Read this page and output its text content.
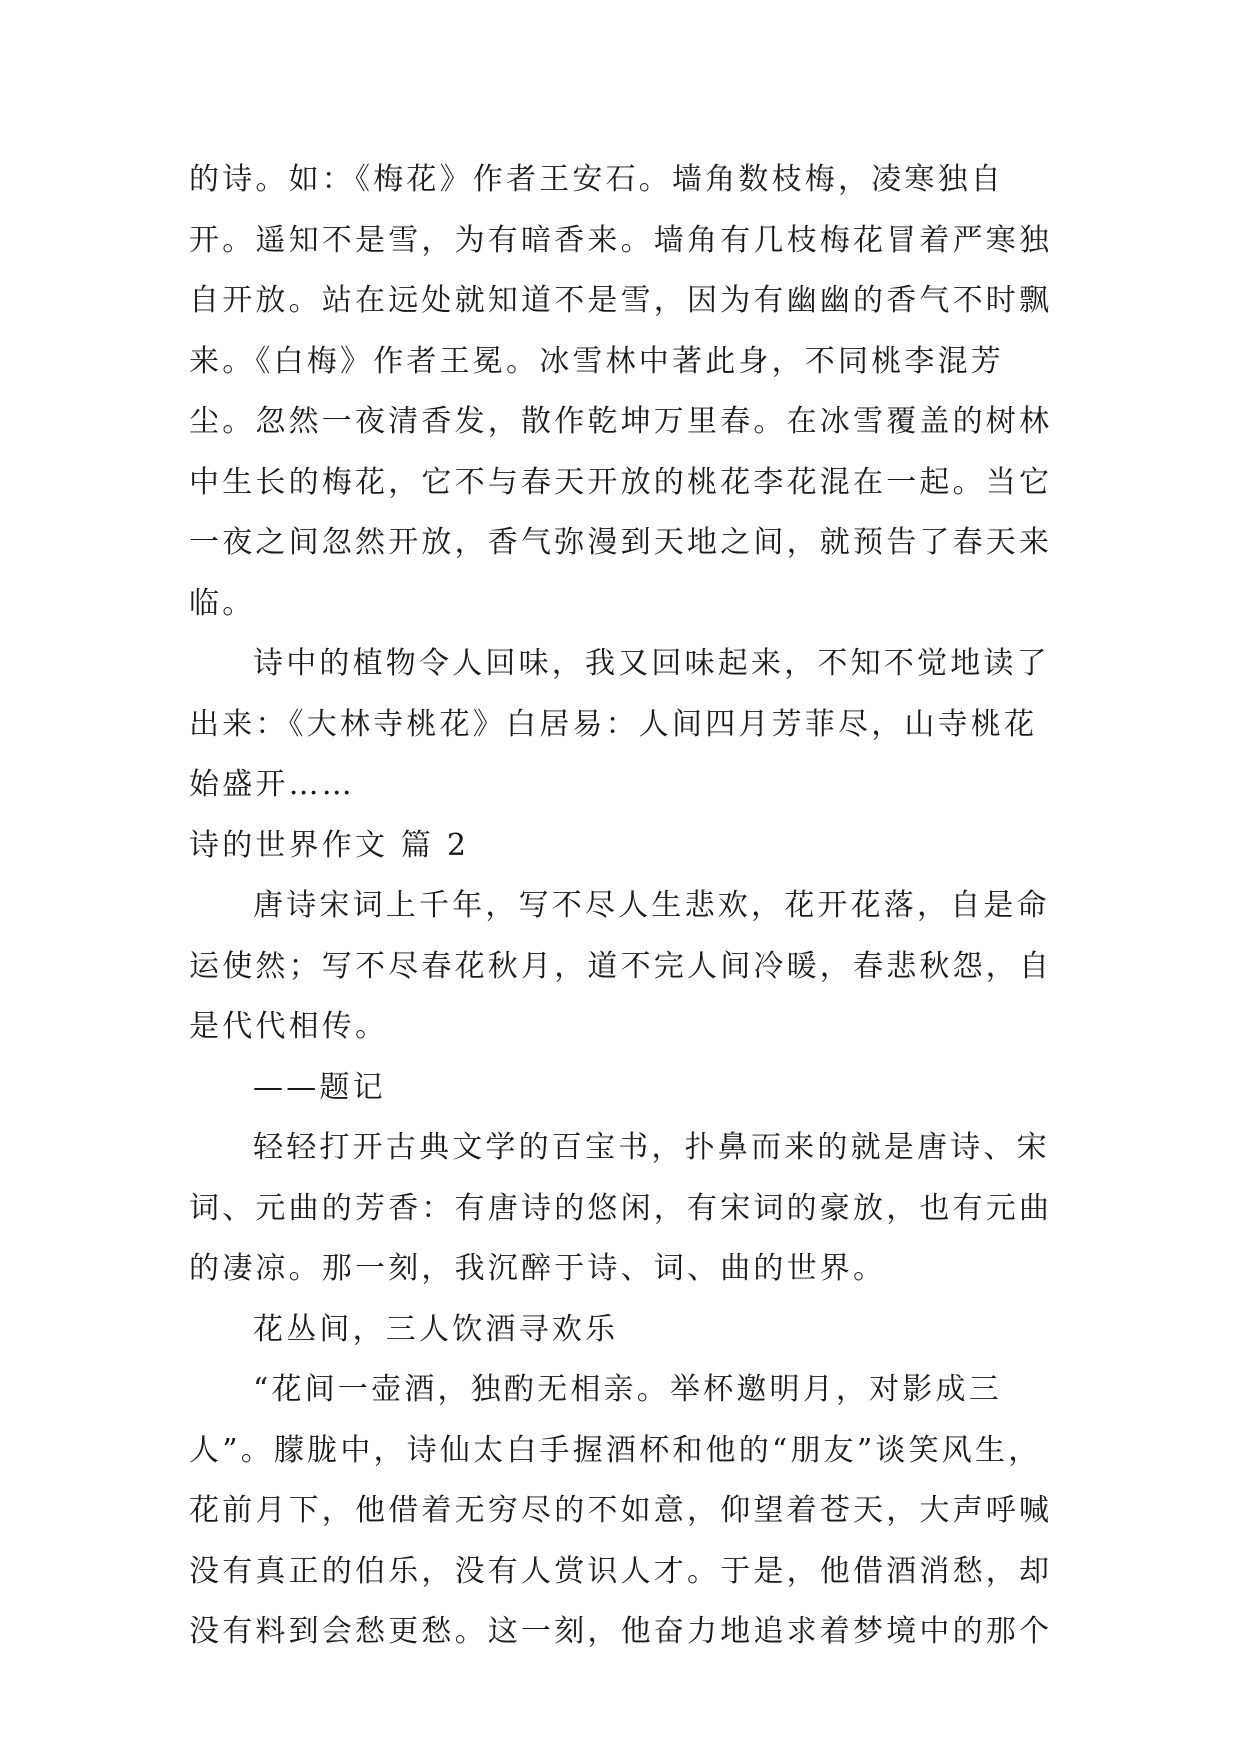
的诗。如：《梅花》作者王安石。墙角数枝梅，凌寒独自开。遥知不是雪，为有暗香来。墙角有几枝梅花冒着严寒独自开放。站在远处就知道不是雪，因为有幽幽的香气不时飘来。《白梅》作者王冕。冰雪林中著此身，不同桃李混芳尘。忽然一夜清香发，散作乾坤万里春。在冰雪覆盖的树林中生长的梅花，它不与春天开放的桃花李花混在一起。当它一夜之间忽然开放，香气弥漫到天地之间，就预告了春天来临。

诗中的植物令人回味，我又回味起来，不知不觉地读了出来：《大林寺桃花》白居易：人间四月芳菲尽，山寺桃花始盛开……

诗的世界作文 篇 2

唐诗宋词上千年，写不尽人生悲欢，花开花落，自是命运使然；写不尽春花秋月，道不完人间冷暖，春悲秋怨，自是代代相传。

——题记

轻轻打开古典文学的百宝书，扑鼻而来的就是唐诗、宋词、元曲的芳香：有唐诗的悠闲，有宋词的豪放，也有元曲的凄凉。那一刻，我沉醉于诗、词、曲的世界。

花丛间，三人饮酒寻欢乐

“花间一壶酒，独酌无相亲。举杯邀明月，对影成三人”。朦胧中，诗仙太白手握酒杯和他的“朋友”谈笑风生，花前月下，他借着无穷尽的不如意，仰望着苍天，大声呼喊没有真正的伯乐，没有人赏识人才。于是，他借酒消愁，却没有料到会愁更愁。这一刻，他奋力地追求着梦境中的那个
